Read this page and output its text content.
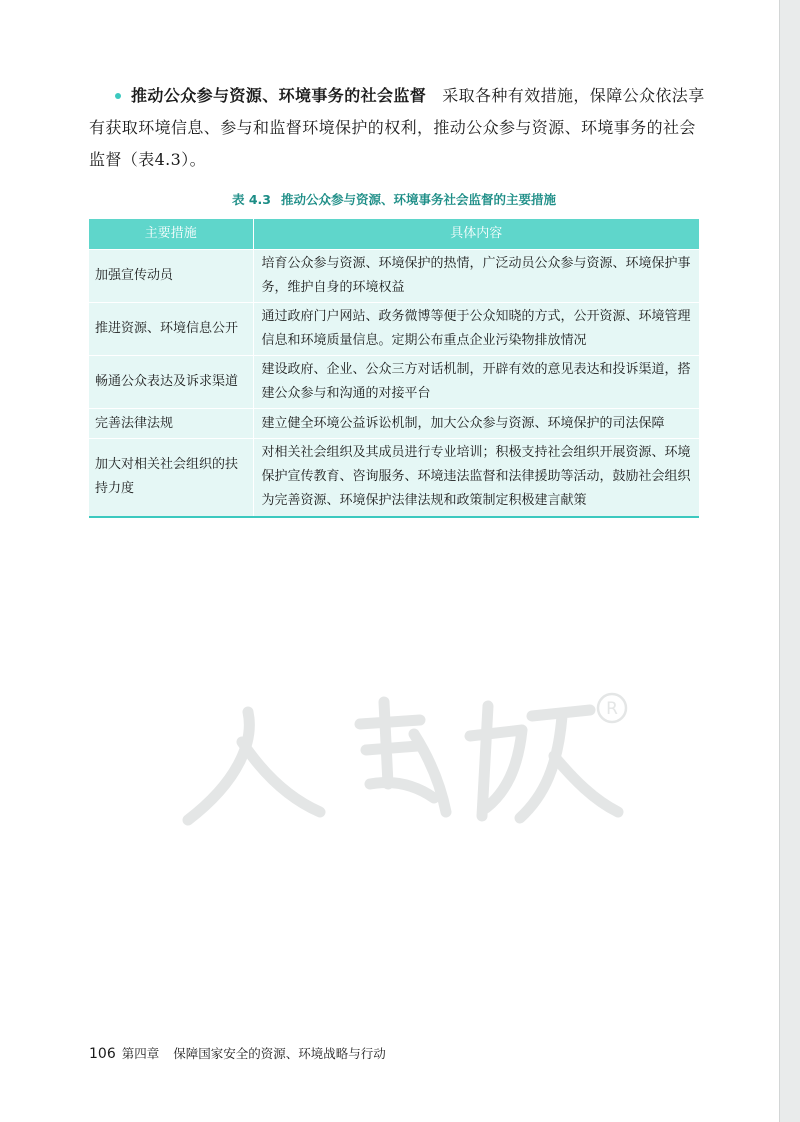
推动公众参与资源、环境事务的社会监督 采取各种有效措施，保障公众依法享有获取环境信息、参与和监督环境保护的权利，推动公众参与资源、环境事务的社会监督（表4.3）。

表 4.3 推动公众参与资源、环境事务社会监督的主要措施
主要措施	具体内容
加强宣传动员	培育公众参与资源、环境保护的热情，广泛动员公众参与资源、环境保护事务，维护自身的环境权益
推进资源、环境信息公开	通过政府门户网站、政务微博等便于公众知晓的方式，公开资源、环境管理信息和环境质量信息。定期公布重点企业污染物排放情况
畅通公众表达及诉求渠道	建设政府、企业、公众三方对话机制，开辟有效的意见表达和投诉渠道，搭建公众参与和沟通的对接平台
完善法律法规	建立健全环境公益诉讼机制，加大公众参与资源、环境保护的司法保障
加大对相关社会组织的扶持力度	对相关社会组织及其成员进行专业培训；积极支持社会组织开展资源、环境保护宣传教育、咨询服务、环境违法监督和法律援助等活动，鼓励社会组织为完善资源、环境保护法律法规和政策制定积极建言献策
R
106 第四章 保障国家安全的资源、环境战略与行动
